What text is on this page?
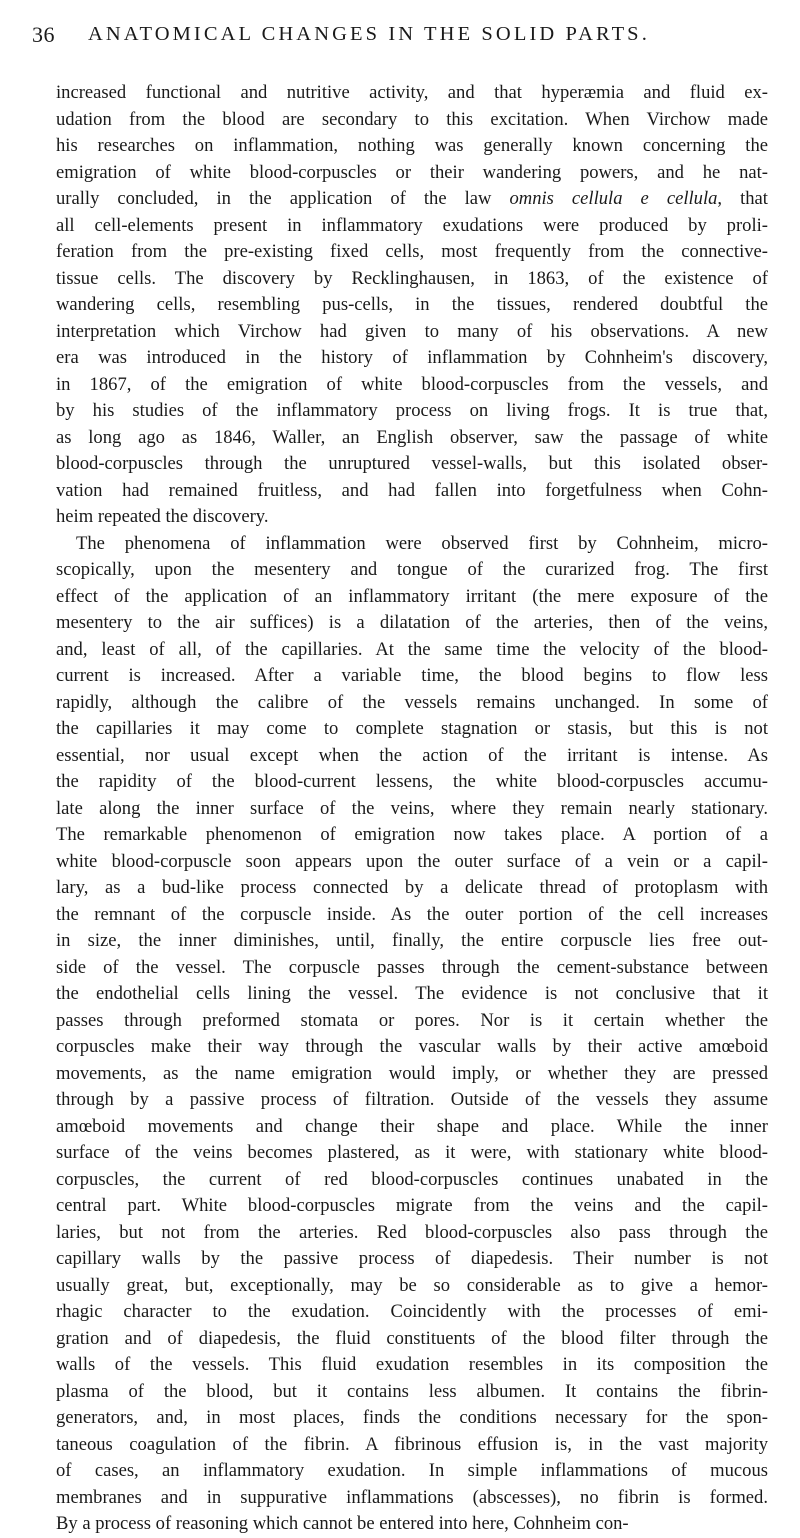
36 ANATOMICAL CHANGES IN THE SOLID PARTS.
increased functional and nutritive activity, and that hyperæmia and fluid ex-
udation from the blood are secondary to this excitation. When Virchow made
his researches on inflammation, nothing was generally known concerning the
emigration of white blood-corpuscles or their wandering powers, and he nat-
urally concluded, in the application of the law omnis cellula e cellula, that
all cell-elements present in inflammatory exudations were produced by proli-
feration from the pre-existing fixed cells, most frequently from the connective-
tissue cells. The discovery by Recklinghausen, in 1863, of the existence of
wandering cells, resembling pus-cells, in the tissues, rendered doubtful the
interpretation which Virchow had given to many of his observations. A new
era was introduced in the history of inflammation by Cohnheim's discovery,
in 1867, of the emigration of white blood-corpuscles from the vessels, and
by his studies of the inflammatory process on living frogs. It is true that,
as long ago as 1846, Waller, an English observer, saw the passage of white
blood-corpuscles through the unruptured vessel-walls, but this isolated obser-
vation had remained fruitless, and had fallen into forgetfulness when Cohn-
heim repeated the discovery.
The phenomena of inflammation were observed first by Cohnheim, micro-
scopically, upon the mesentery and tongue of the curarized frog. The first
effect of the application of an inflammatory irritant (the mere exposure of the
mesentery to the air suffices) is a dilatation of the arteries, then of the veins,
and, least of all, of the capillaries. At the same time the velocity of the blood-
current is increased. After a variable time, the blood begins to flow less
rapidly, although the calibre of the vessels remains unchanged. In some of
the capillaries it may come to complete stagnation or stasis, but this is not
essential, nor usual except when the action of the irritant is intense. As
the rapidity of the blood-current lessens, the white blood-corpuscles accumu-
late along the inner surface of the veins, where they remain nearly stationary.
The remarkable phenomenon of emigration now takes place. A portion of a
white blood-corpuscle soon appears upon the outer surface of a vein or a capil-
lary, as a bud-like process connected by a delicate thread of protoplasm with
the remnant of the corpuscle inside. As the outer portion of the cell increases
in size, the inner diminishes, until, finally, the entire corpuscle lies free out-
side of the vessel. The corpuscle passes through the cement-substance between
the endothelial cells lining the vessel. The evidence is not conclusive that it
passes through preformed stomata or pores. Nor is it certain whether the
corpuscles make their way through the vascular walls by their active amœboid
movements, as the name emigration would imply, or whether they are pressed
through by a passive process of filtration. Outside of the vessels they assume
amœboid movements and change their shape and place. While the inner
surface of the veins becomes plastered, as it were, with stationary white blood-
corpuscles, the current of red blood-corpuscles continues unabated in the
central part. White blood-corpuscles migrate from the veins and the capil-
laries, but not from the arteries. Red blood-corpuscles also pass through the
capillary walls by the passive process of diapedesis. Their number is not
usually great, but, exceptionally, may be so considerable as to give a hemor-
rhagic character to the exudation. Coincidently with the processes of emi-
gration and of diapedesis, the fluid constituents of the blood filter through the
walls of the vessels. This fluid exudation resembles in its composition the
plasma of the blood, but it contains less albumen. It contains the fibrin-
generators, and, in most places, finds the conditions necessary for the spon-
taneous coagulation of the fibrin. A fibrinous effusion is, in the vast majority
of cases, an inflammatory exudation. In simple inflammations of mucous
membranes and in suppurative inflammations (abscesses), no fibrin is formed.
By a process of reasoning which cannot be entered into here, Cohnheim con-
